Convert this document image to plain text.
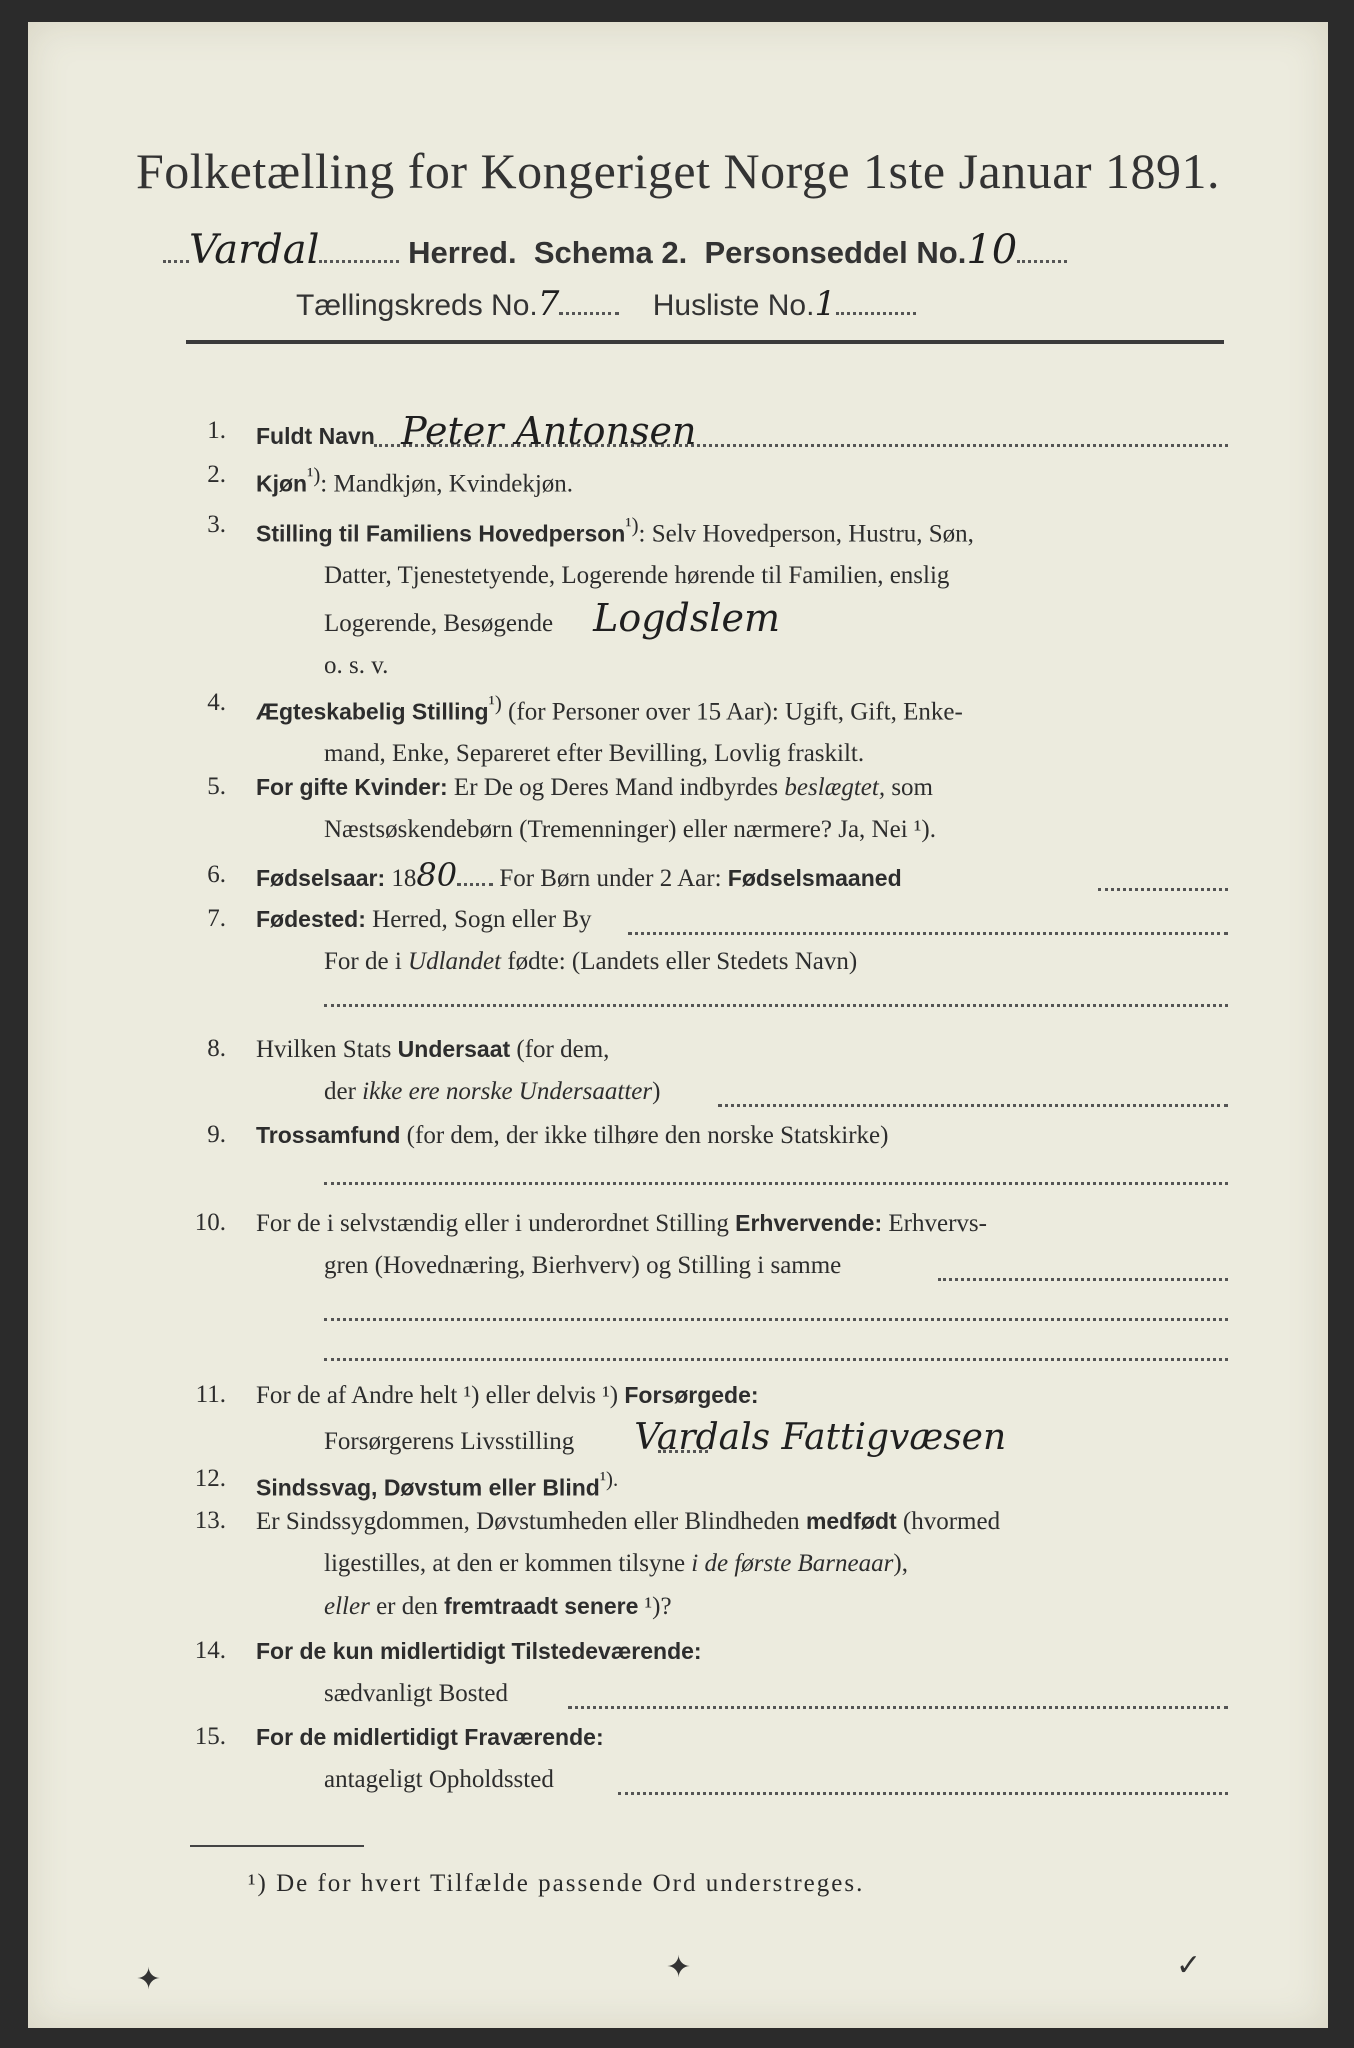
Folketælling for Kongeriget Norge 1ste Januar 1891.
Vardal	Herred. Schema 2. Personseddel No.10
Tællingskreds No.7	Husliste No.1
1. Fuldt Navn Peter Antonsen
2. Kjøn$^{^1)}$: Mandkjøn, Kvindekjøn.
3. Stilling til Familiens Hovedperson$^{^1)}$: Selv Hovedperson, Hustru, Søn,
Datter, Tjenestetyende, Logerende hørende til Familien, enslig
Logerende, Besøgende Logdslem
o. s. v.
4. Ægteskabelig Stilling$^{^1)}$ (for Personer over 15 Aar): Ugift, Gift, Enke-
mand, Enke, Separeret efter Bevilling, Lovlig fraskilt.
5. For gifte Kvinder: Er De og Deres Mand indbyrdes beslægtet, som
Næstsøskendebørn (Tremenninger) eller nærmere? Ja, Nei ¹).
6. Fødselsaar: 1880 For Børn under 2 Aar: Fødselsmaaned
7. Fødested: Herred, Sogn eller By
For de i Udlandet fødte: (Landets eller Stedets Navn)
8. Hvilken Stats Undersaat (for dem,
der ikke ere norske Undersaatter)
9. Trossamfund (for dem, der ikke tilhøre den norske Statskirke)
10. For de i selvstændig eller i underordnet Stilling Erhvervende: Erhvervs-
gren (Hovednæring, Bierhverv) og Stilling i samme
11. For de af Andre helt ¹) eller delvis ¹) Forsørgede:
Forsørgerens Livsstilling Vardals Fattigvæsen
12. Sindssvag, Døvstum eller Blind$^{^1).}$
13. Er Sindssygdommen, Døvstumheden eller Blindheden medfødt (hvormed
ligestilles, at den er kommen tilsyne i de første Barneaar),
eller er den fremtraadt senere ¹)?
14. For de kun midlertidigt Tilstedeværende:
sædvanligt Bosted
15. For de midlertidigt Fraværende:
antageligt Opholdssted
¹) De for hvert Tilfælde passende Ord understreges.
✦	✦	✓
